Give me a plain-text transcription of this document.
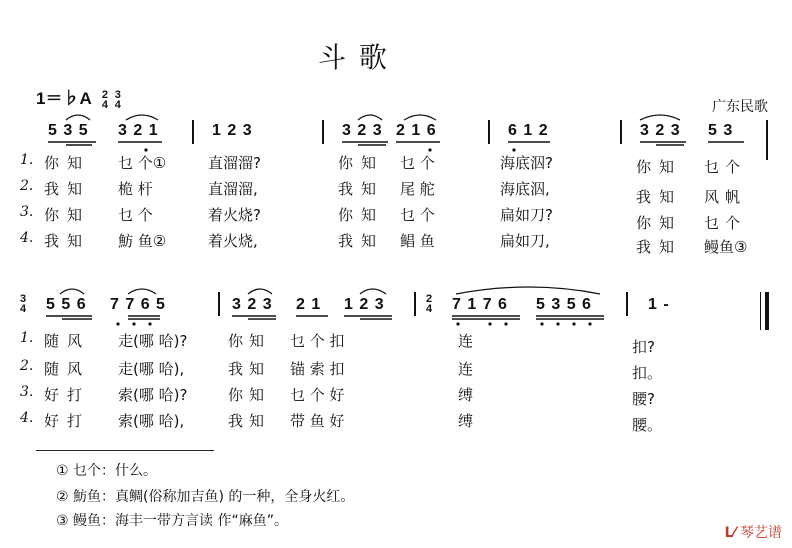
斗 歌
1＝♭A 2
4 3
4	广东民歌
5 3 5 3 2 1	1 2 3	3 2 3 2 1 6	6 1 2	3 2 3 5 3
1.
2.
3.
4.
你知 乜 个①	直溜溜?	你知 乜 个	海底泅?	你知 乜个
我知 桅 杆	直溜溜,	我知 尾 舵	海底泅,	我知 风帆
你知 乜 个	着火烧?	你知 乜 个	扁如刀?	你知 乜个
我知 魴 鱼②	着火烧,	我知 鲳 鱼	扁如刀,	我知 鳗鱼③
3
4
2
4
5 5 6 7 7 6 5	3 2 3 2 1 1 2 3	7 1 7 6 5 3 5 6	1 -
1.
2.
3.
4.
随风 走(哪 哈)?	你知 乜 个 扣	连	扣?
随风 走(哪 哈),	我知 锚 索 扣	连	扣。
好打 索(哪 哈)?	你知 乜 个 好	缚	腰?
好打 索(哪 哈),	我知 带 鱼 好	缚	腰。
① 乜个：什么。
② 魴鱼：真鲷(俗称加吉鱼) 的一种，全身火红。
③ 鳗鱼：海丰一带方言读 作“麻鱼”。
ᒪ⁄ 琴艺谱
